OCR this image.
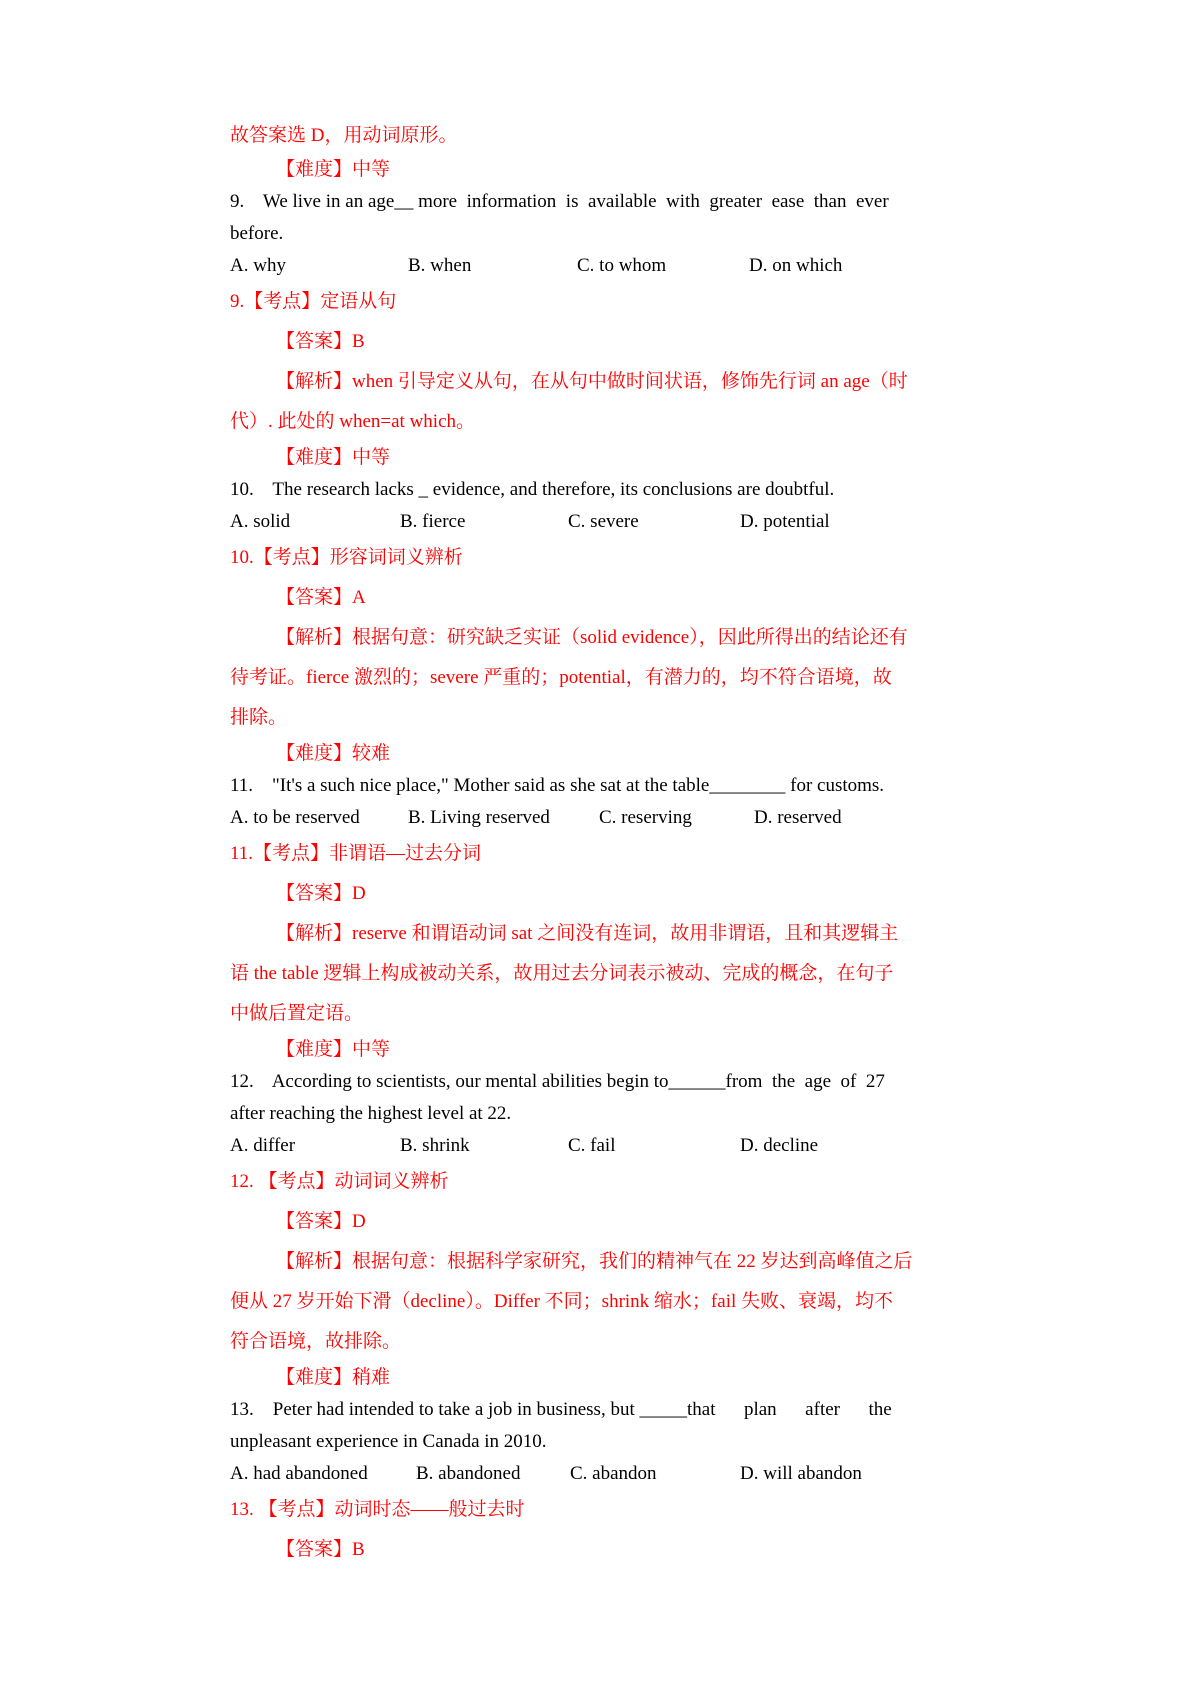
故答案选 D，用动词原形。
【难度】中等
9.    We live in an age__ more  information  is  available  with  greater  ease  than  ever
before.
A. why	B. when	C. to whom	D. on which
9.【考点】定语从句
【答案】B
【解析】when 引导定义从句，在从句中做时间状语，修饰先行词 an age（时
代）. 此处的 when=at which。
【难度】中等
10.    The research lacks _ evidence, and therefore, its conclusions are doubtful.
A. solid	B. fierce	C. severe	D. potential
10.【考点】形容词词义辨析
【答案】A
【解析】根据句意：研究缺乏实证（solid evidence），因此所得出的结论还有
待考证。fierce 激烈的；severe 严重的；potential，有潜力的，均不符合语境，故
排除。
【难度】较难
11.    "It's a such nice place," Mother said as she sat at the table________ for customs.
A. to be reserved	B. Living reserved	C. reserving	D. reserved
11.【考点】非谓语—过去分词
【答案】D
【解析】reserve 和谓语动词 sat 之间没有连词，故用非谓语，且和其逻辑主
语 the table 逻辑上构成被动关系，故用过去分词表示被动、完成的概念，在句子
中做后置定语。
【难度】中等
12.    According to scientists, our mental abilities begin to______from  the  age  of  27
after reaching the highest level at 22.
A. differ	B. shrink	C. fail	D. decline
12. 【考点】动词词义辨析
【答案】D
【解析】根据句意：根据科学家研究，我们的精神气在 22 岁达到高峰值之后
便从 27 岁开始下滑（decline）。Differ 不同；shrink 缩水；fail 失败、衰竭，均不
符合语境，故排除。
【难度】稍难
13.    Peter had intended to take a job in business, but _____that      plan      after      the
unpleasant experience in Canada in 2010.
A. had abandoned	B. abandoned	C. abandon	D. will abandon
13. 【考点】动词时态——般过去时
【答案】B
